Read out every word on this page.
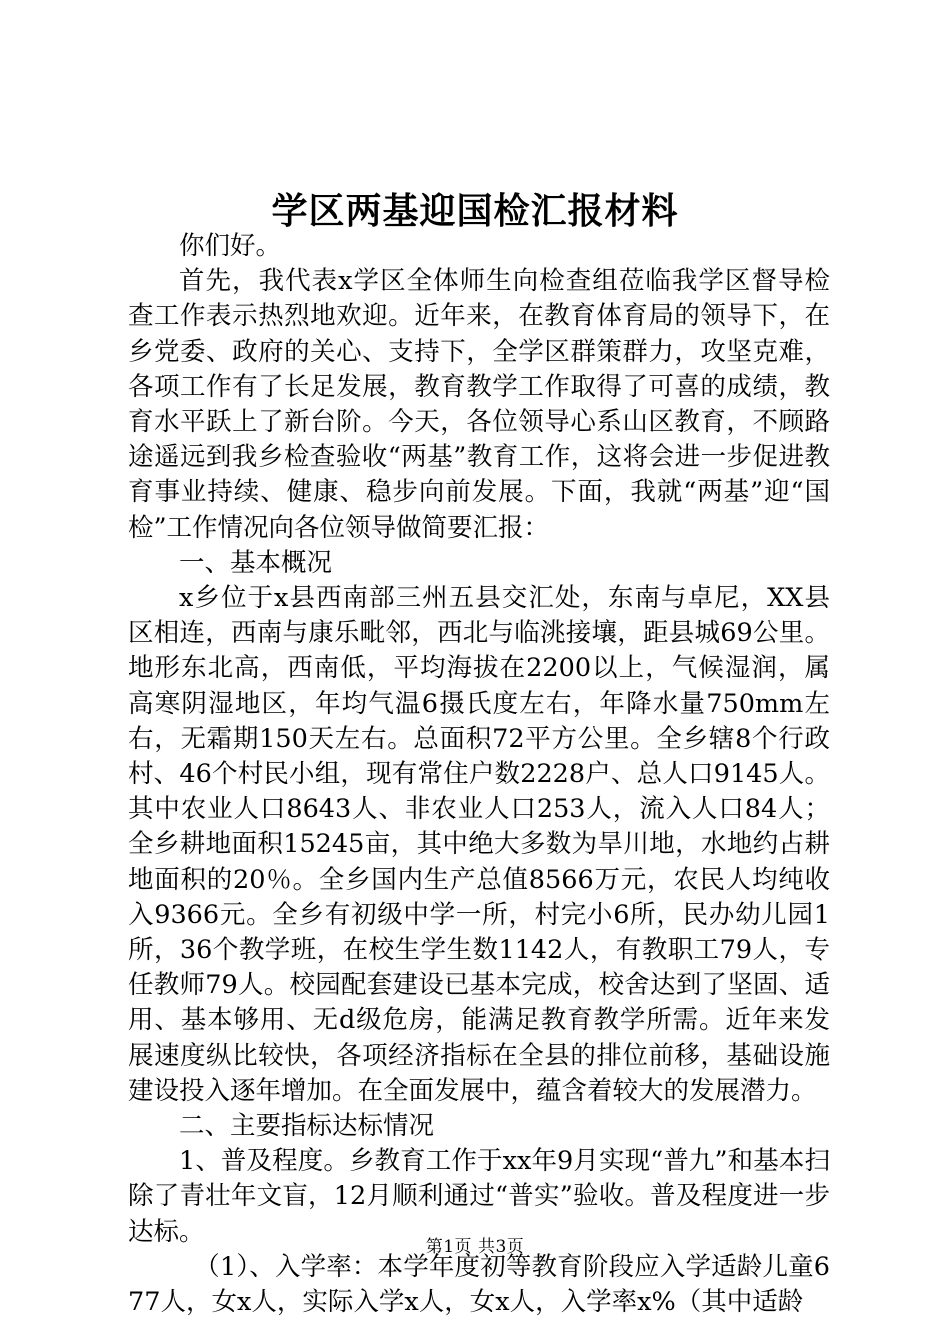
学区两基迎国检汇报材料

你们好。

首先，我代表x学区全体师生向检查组莅临我学区督导检查工作表示热烈地欢迎。近年来，在教育体育局的领导下，在乡党委、政府的关心、支持下，全学区群策群力，攻坚克难，各项工作有了长足发展，教育教学工作取得了可喜的成绩，教育水平跃上了新台阶。今天，各位领导心系山区教育，不顾路途遥远到我乡检查验收“两基”教育工作，这将会进一步促进教育事业持续、健康、稳步向前发展。下面，我就“两基”迎“国检”工作情况向各位领导做简要汇报：

一、基本概况

x乡位于x县西南部三州五县交汇处，东南与卓尼，XX县区相连，西南与康乐毗邻，西北与临洮接壤，距县城69公里。地形东北高，西南低，平均海拔在2200以上，气候湿润，属高寒阴湿地区，年均气温6摄氏度左右，年降水量750mm左右，无霜期150天左右。总面积72平方公里。全乡辖8个行政村、46个村民小组，现有常住户数2228户、总人口9145人。其中农业人口8643人、非农业人口253人，流入人口84人；全乡耕地面积15245亩，其中绝大多数为旱川地，水地约占耕地面积的20％。全乡国内生产总值8566万元，农民人均纯收入9366元。全乡有初级中学一所，村完小6所，民办幼儿园1所，36个教学班，在校生学生数1142人，有教职工79人，专任教师79人。校园配套建设已基本完成，校舍达到了坚固、适用、基本够用、无d级危房，能满足教育教学所需。近年来发展速度纵比较快，各项经济指标在全县的排位前移，基础设施建设投入逐年增加。在全面发展中，蕴含着较大的发展潜力。

二、主要指标达标情况

1、普及程度。乡教育工作于xx年9月实现“普九”和基本扫除了青壮年文盲，12月顺利通过“普实”验收。普及程度进一步达标。

（1）、入学率：本学年度初等教育阶段应入学适龄儿童677人，女x人，实际入学x人，女x人，入学率x%（其中适龄

第1页 共3页
